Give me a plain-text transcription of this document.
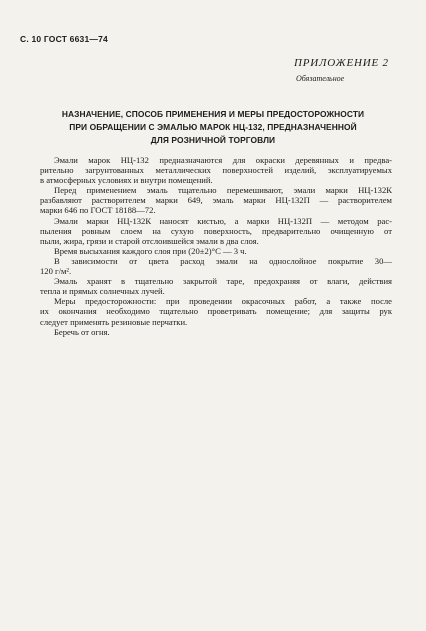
С. 10 ГОСТ 6631—74
ПРИЛОЖЕНИЕ 2
Обязательное
НАЗНАЧЕНИЕ, СПОСОБ ПРИМЕНЕНИЯ И МЕРЫ ПРЕДОСТОРОЖНОСТИ
ПРИ ОБРАЩЕНИИ С ЭМАЛЬЮ МАРОК НЦ-132, ПРЕДНАЗНАЧЕННОЙ
ДЛЯ РОЗНИЧНОЙ ТОРГОВЛИ

Эмали марок НЦ-132 предназначаются для окраски деревянных и предва-
рительно загрунтованных металлических поверхностей изделий, эксплуатируемых
в атмосферных условиях и внутри помещений.

Перед применением эмаль тщательно перемешивают, эмали марки НЦ-132К
разбавляют растворителем марки 649, эмаль марки НЦ-132П — растворителем
марки 646 по ГОСТ 18188—72.

Эмали марки НЦ-132К наносят кистью, а марки НЦ-132П — методом рас-
пыления ровным слоем на сухую поверхность, предварительно очищенную от
пыли, жира, грязи и старой отслоившейся эмали в два слоя.

Время высыхания каждого слоя при (20±2)°С — 3 ч.

В зависимости от цвета расход эмали на однослойное покрытие 30—
120 г/м².

Эмаль хранят в тщательно закрытой таре, предохраняя от влаги, действия
тепла и прямых солнечных лучей.

Меры предосторожности: при проведении окрасочных работ, а также после
их окончания необходимо тщательно проветривать помещение; для защиты рук
следует применять резиновые перчатки.

Беречь от огня.
